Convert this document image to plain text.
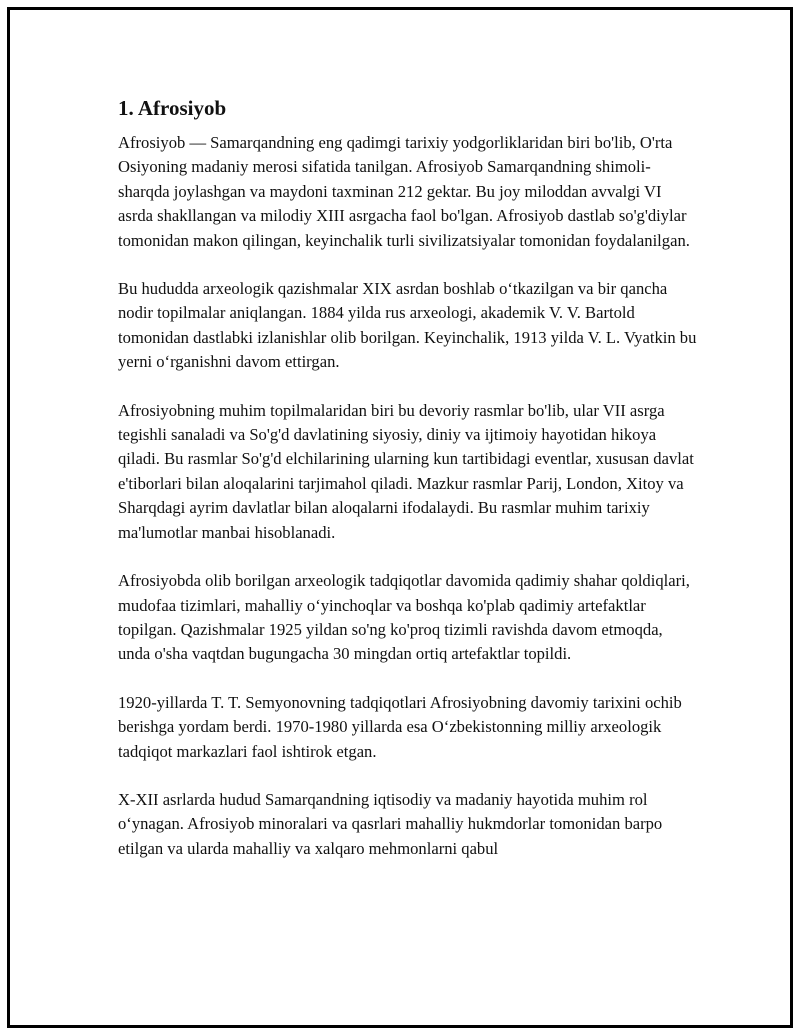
1. Afrosiyob

Afrosiyob — Samarqandning eng qadimgi tarixiy yodgorliklaridan biri bo'lib, O'rta Osiyoning madaniy merosi sifatida tanilgan. Afrosiyob Samarqandning shimoli-sharqda joylashgan va maydoni taxminan 212 gektar. Bu joy miloddan avvalgi VI asrda shakllangan va milodiy XIII asrgacha faol bo'lgan. Afrosiyob dastlab so'g'diylar tomonidan makon qilingan, keyinchalik turli sivilizatsiyalar tomonidan foydalanilgan.

Bu hududda arxeologik qazishmalar XIX asrdan boshlab o‘tkazilgan va bir qancha nodir topilmalar aniqlangan. 1884 yilda rus arxeologi, akademik V. V. Bartold tomonidan dastlabki izlanishlar olib borilgan. Keyinchalik, 1913 yilda V. L. Vyatkin bu yerni o‘rganishni davom ettirgan.

Afrosiyobning muhim topilmalaridan biri bu devoriy rasmlar bo'lib, ular VII asrga tegishli sanaladi va So'g'd davlatining siyosiy, diniy va ijtimoiy hayotidan hikoya qiladi. Bu rasmlar So'g'd elchilarining ularning kun tartibidagi eventlar, xususan davlat e'tiborlari bilan aloqalarini tarjimahol qiladi. Mazkur rasmlar Parij, London, Xitoy va Sharqdagi ayrim davlatlar bilan aloqalarni ifodalaydi. Bu rasmlar muhim tarixiy ma'lumotlar manbai hisoblanadi.

Afrosiyobda olib borilgan arxeologik tadqiqotlar davomida qadimiy shahar qoldiqlari, mudofaa tizimlari, mahalliy o‘yinchoqlar va boshqa ko'plab qadimiy artefaktlar topilgan. Qazishmalar 1925 yildan so'ng ko'proq tizimli ravishda davom etmoqda, unda o'sha vaqtdan bugungacha 30 mingdan ortiq artefaktlar topildi.

1920-yillarda T. T. Semyonovning tadqiqotlari Afrosiyobning davomiy tarixini ochib berishga yordam berdi. 1970-1980 yillarda esa O‘zbekistonning milliy arxeologik tadqiqot markazlari faol ishtirok etgan.

X-XII asrlarda hudud Samarqandning iqtisodiy va madaniy hayotida muhim rol o‘ynagan. Afrosiyob minoralari va qasrlari mahalliy hukmdorlar tomonidan barpo etilgan va ularda mahalliy va xalqaro mehmonlarni qabul
